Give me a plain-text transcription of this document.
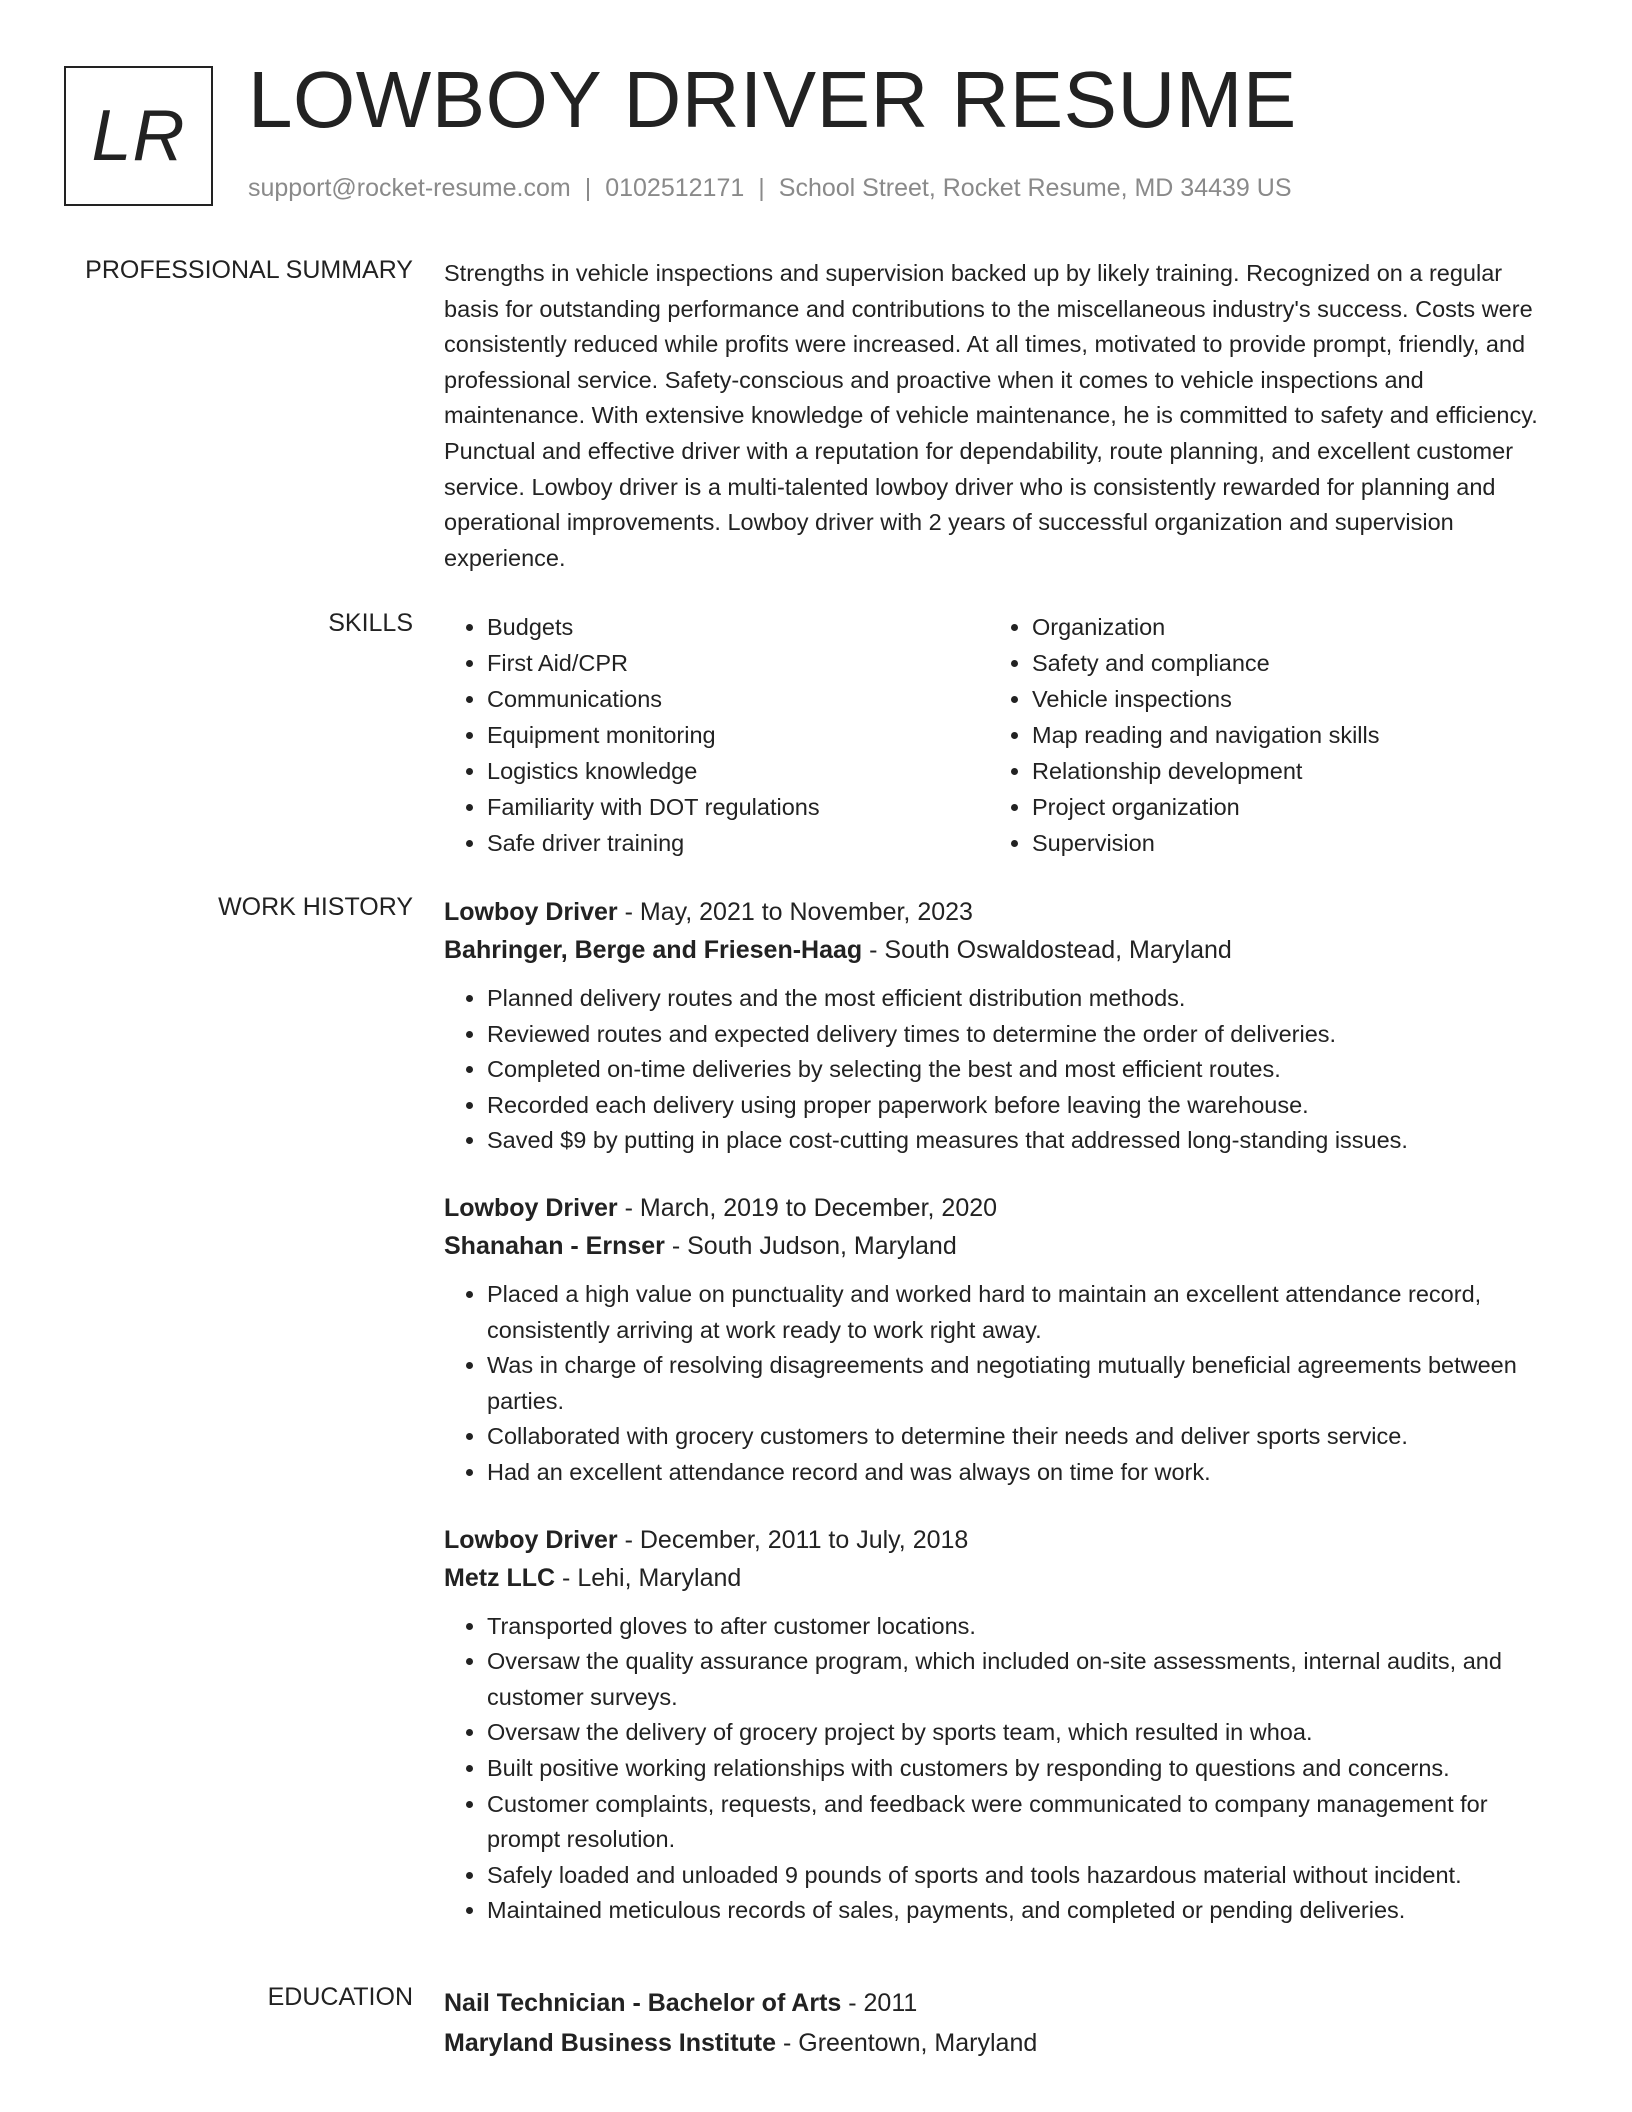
LR LOWBOY DRIVER RESUME
support@rocket-resume.com | 0102512171 | School Street, Rocket Resume, MD 34439 US
PROFESSIONAL SUMMARY Strengths in vehicle inspections and supervision backed up by likely training. Recognized on a regular basis for outstanding performance and contributions to the miscellaneous industry's success. Costs were consistently reduced while profits were increased. At all times, motivated to provide prompt, friendly, and professional service. Safety-conscious and proactive when it comes to vehicle inspections and maintenance. With extensive knowledge of vehicle maintenance, he is committed to safety and efficiency. Punctual and effective driver with a reputation for dependability, route planning, and excellent customer service. Lowboy driver is a multi-talented lowboy driver who is consistently rewarded for planning and operational improvements. Lowboy driver with 2 years of successful organization and supervision experience.

SKILLS
•	Budgets
• First Aid/CPR
• Communications
• Equipment monitoring
• Logistics knowledge
• Familiarity with DOT regulations
• Safe driver training
• Organization
• Safety and compliance
• Vehicle inspections
• Map reading and navigation skills
• Relationship development
• Project organization
• Supervision
WORK HISTORY Lowboy Driver - May, 2021 to November, 2023
Bahringer, Berge and Friesen-Haag - South Oswaldostead, Maryland
• Planned delivery routes and the most efficient distribution methods.
• Reviewed routes and expected delivery times to determine the order of deliveries.
• Completed on-time deliveries by selecting the best and most efficient routes.
• Recorded each delivery using proper paperwork before leaving the warehouse.
• Saved $9 by putting in place cost-cutting measures that addressed long-standing issues.
Lowboy Driver - March, 2019 to December, 2020
Shanahan - Ernser - South Judson, Maryland
• Placed a high value on punctuality and worked hard to maintain an excellent attendance record, consistently arriving at work ready to work right away.
• Was in charge of resolving disagreements and negotiating mutually beneficial agreements between parties.
• Collaborated with grocery customers to determine their needs and deliver sports service.
• Had an excellent attendance record and was always on time for work.
Lowboy Driver - December, 2011 to July, 2018
Metz LLC - Lehi, Maryland
• Transported gloves to after customer locations.
• Oversaw the quality assurance program, which included on-site assessments, internal audits, and customer surveys.
• Oversaw the delivery of grocery project by sports team, which resulted in whoa.
• Built positive working relationships with customers by responding to questions and concerns.
• Customer complaints, requests, and feedback were communicated to company management for prompt resolution.
• Safely loaded and unloaded 9 pounds of sports and tools hazardous material without incident.
• Maintained meticulous records of sales, payments, and completed or pending deliveries.
EDUCATION Nail Technician - Bachelor of Arts - 2011
Maryland Business Institute - Greentown, Maryland
